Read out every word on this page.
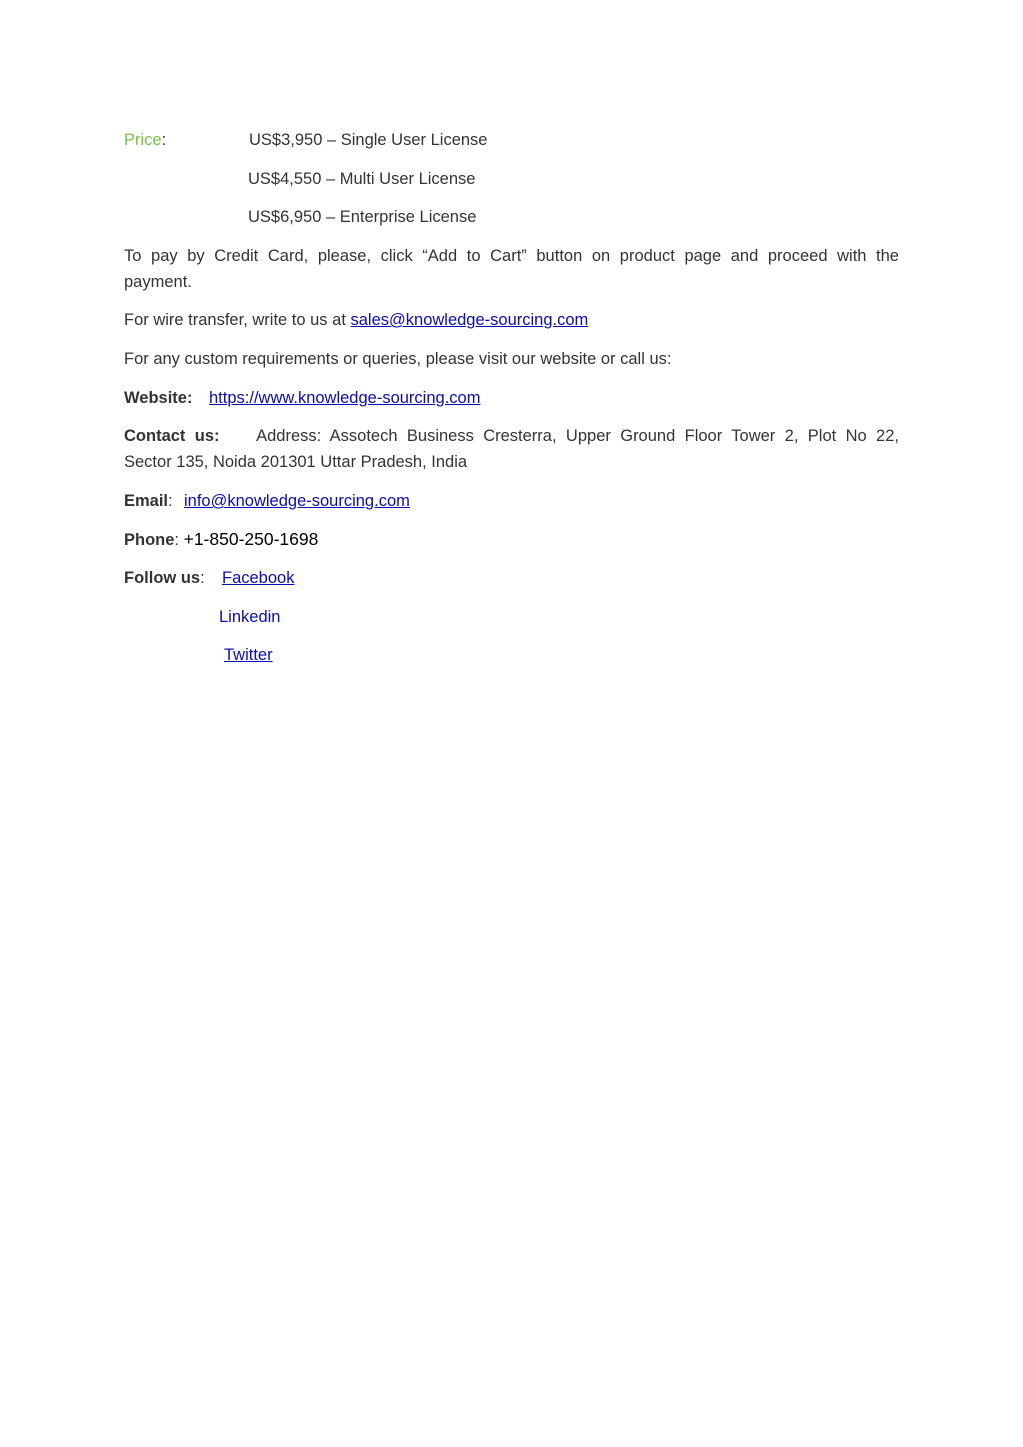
Price:	US$3,950 – Single User License
US$4,550 – Multi User License
US$6,950 – Enterprise License
To pay by Credit Card, please, click “Add to Cart” button on product page and proceed with the
payment.
For wire transfer, write to us at sales@knowledge-sourcing.com
For any custom requirements or queries, please visit our website or call us:
Website: https://www.knowledge-sourcing.com
Contact us: Address: Assotech Business Cresterra, Upper Ground Floor Tower 2, Plot No 22,
Sector 135, Noida 201301 Uttar Pradesh, India
Email: info@knowledge-sourcing.com
Phone: +1-850-250-1698
Follow us: Facebook
Linkedin
Twitter
